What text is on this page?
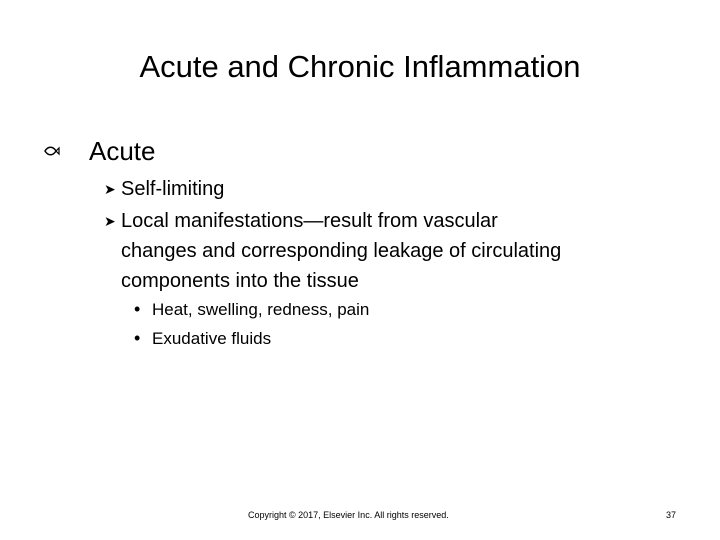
Acute and Chronic Inflammation
Acute
➤ Self-limiting
➤ Local manifestations—result from vascular
changes and corresponding leakage of circulating
components into the tissue
• Heat, swelling, redness, pain
• Exudative fluids
Copyright © 2017, Elsevier Inc. All rights reserved.	37
